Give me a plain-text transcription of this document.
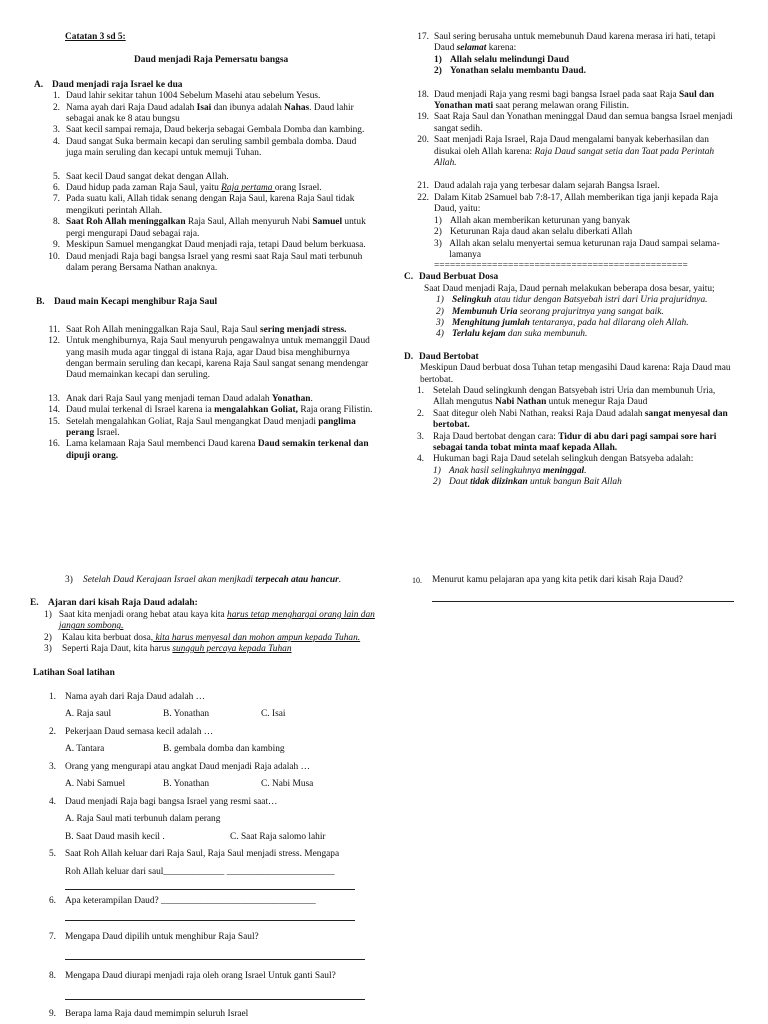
Catatan 3 sd 5:
Daud menjadi Raja Pemersatu bangsa
A. Daud menjadi raja Israel ke dua
1. Daud lahir sekitar tahun 1004 Sebelum Masehi atau sebelum Yesus.
2. Nama ayah dari Raja Daud adalah Isai dan ibunya adalah Nahas. Daud lahir sebagai anak ke 8 atau bungsu
3. Saat kecil sampai remaja, Daud bekerja sebagai Gembala Domba dan kambing.
4. Daud sangat Suka bermain kecapi dan seruling sambil gembala domba. Daud juga main seruling dan kecapi untuk memuji Tuhan.
5. Saat kecil Daud sangat dekat dengan Allah.
6. Daud hidup pada zaman Raja Saul, yaitu Raja pertama orang Israel.
7. Pada suatu kali, Allah tidak senang dengan Raja Saul, karena Raja Saul tidak mengikuti perintah Allah.
8. Saat Roh Allah meninggalkan Raja Saul, Allah menyuruh Nabi Samuel untuk pergi mengurapi Daud sebagai raja.
9. Meskipun Samuel mengangkat Daud menjadi raja, tetapi Daud belum berkuasa.
10. Daud menjadi Raja bagi bangsa Israel yang resmi saat Raja Saul mati terbunuh dalam perang Bersama Nathan anaknya.
B. Daud main Kecapi menghibur Raja Saul
11. Saat Roh Allah meninggalkan Raja Saul, Raja Saul sering menjadi stress.
12. Untuk menghiburnya, Raja Saul menyuruh pengawalnya untuk memanggil Daud yang masih muda agar tinggal di istana Raja, agar Daud bisa menghiburnya dengan bermain seruling dan kecapi, karena Raja Saul sangat senang mendengar Daud memainkan kecapi dan seruling.
13. Anak dari Raja Saul yang menjadi teman Daud adalah Yonathan.
14. Daud mulai terkenal di Israel karena ia mengalahkan Goliat, Raja orang Filistin.
15. Setelah mengalahkan Goliat, Raja Saul mengangkat Daud menjadi panglima perang Israel.
16. Lama kelamaan Raja Saul membenci Daud karena Daud semakin terkenal dan dipuji orang.
17. Saul sering berusaha untuk memebunuh Daud karena merasa iri hati, tetapi Daud selamat karena:
1) Allah selalu melindungi Daud
2) Yonathan selalu membantu Daud.
18. Daud menjadi Raja yang resmi bagi bangsa Israel pada saat Raja Saul dan Yonathan mati saat perang melawan orang Filistin.
19. Saat Raja Saul dan Yonathan meninggal Daud dan semua bangsa Israel menjadi sangat sedih.
20. Saat menjadi Raja Israel, Raja Daud mengalami banyak keberhasilan dan disukai oleh Allah karena: Raja Daud sangat setia dan Taat pada Perintah Allah.
21. Daud adalah raja yang terbesar dalam sejarah Bangsa Israel.
22. Dalam Kitab 2Samuel bab 7:8-17, Allah memberikan tiga janji kepada Raja Daud, yaitu:
1) Allah akan memberikan keturunan yang banyak
2) Keturunan Raja daud akan selalu diberkati Allah
3) Allah akan selalu menyertai semua keturunan raja Daud sampai selama-lamanya
================================================
C. Daud Berbuat Dosa
Saat Daud menjadi Raja, Daud pernah melakukan beberapa dosa besar, yaitu;
1) Selingkuh atau tidur dengan Batsyebah istri dari Uria prajuridnya.
2) Membunuh Uria seorang prajuritnya yang sangat baik.
3) Menghitung jumlah tentaranya, pada hal dilarang oleh Allah.
4) Terlalu kejam dan suka membunuh.
D. Daud Bertobat
Meskipun Daud berbuat dosa Tuhan tetap mengasihi Daud karena: Raja Daud mau bertobat.
1. Setelah Daud selingkunh dengan Batsyebah istri Uria dan membunuh Uria, Allah mengutus Nabi Nathan untuk menegur Raja Daud
2. Saat ditegur oleh Nabi Nathan, reaksi Raja Daud adalah sangat menyesal dan bertobat.
3. Raja Daud bertobat dengan cara: Tidur di abu dari pagi sampai sore hari sebagai tanda tobat minta maaf kepada Allah.
4. Hukuman bagi Raja Daud setelah selingkuh dengan Batsyeba adalah:
1) Anak hasil selingkuhnya meninggal.
2) Daut tidak diizinkan untuk bangun Bait Allah
3)	Setelah Daud Kerajaan Israel akan menjkadi terpecah atau hancur.
E. Ajaran dari kisah Raja Daud adalah:
1) Saat kita menjadi orang hebat atau kaya kita harus tetap menghargai orang lain dan jangan sombong.
2)	Kalau kita berbuat dosa, kita harus menyesal dan mohon ampun kepada Tuhan.
3)	Seperti Raja Daut, kita harus sungguh percaya kepada Tuhan
Latihan Soal latihan
1. Nama ayah dari Raja Daud adalah …
A. Raja saul	B. Yonathan	C. Isai
2. Pekerjaan Daud semasa kecil adalah …
A. Tantara	B. gembala domba dan kambing
3. Orang yang mengurapi atau angkat Daud menjadi Raja adalah …
A. Nabi Samuel	B. Yonathan	C. Nabi Musa
4. Daud menjadi Raja bagi bangsa Israel yang resmi saat…
A. Raja Saul mati terbunuh dalam perang
B. Saat Daud masih kecil .	C. Saat Raja salomo lahir
5. Saat Roh Allah keluar dari Raja Saul, Raja Saul menjadi stress. Mengapa
Roh Allah keluar dari saul_____________ _______________________
6. Apa keterampilan Daud? _________________________________
7. Mengapa Daud dipilih untuk menghibur Raja Saul?
8. Mengapa Daud diurapi menjadi raja oleh orang Israel Untuk ganti Saul?
9. Berapa lama Raja daud memimpin seluruh Israel
10.	Menurut kamu pelajaran apa yang kita petik dari kisah Raja Daud?
